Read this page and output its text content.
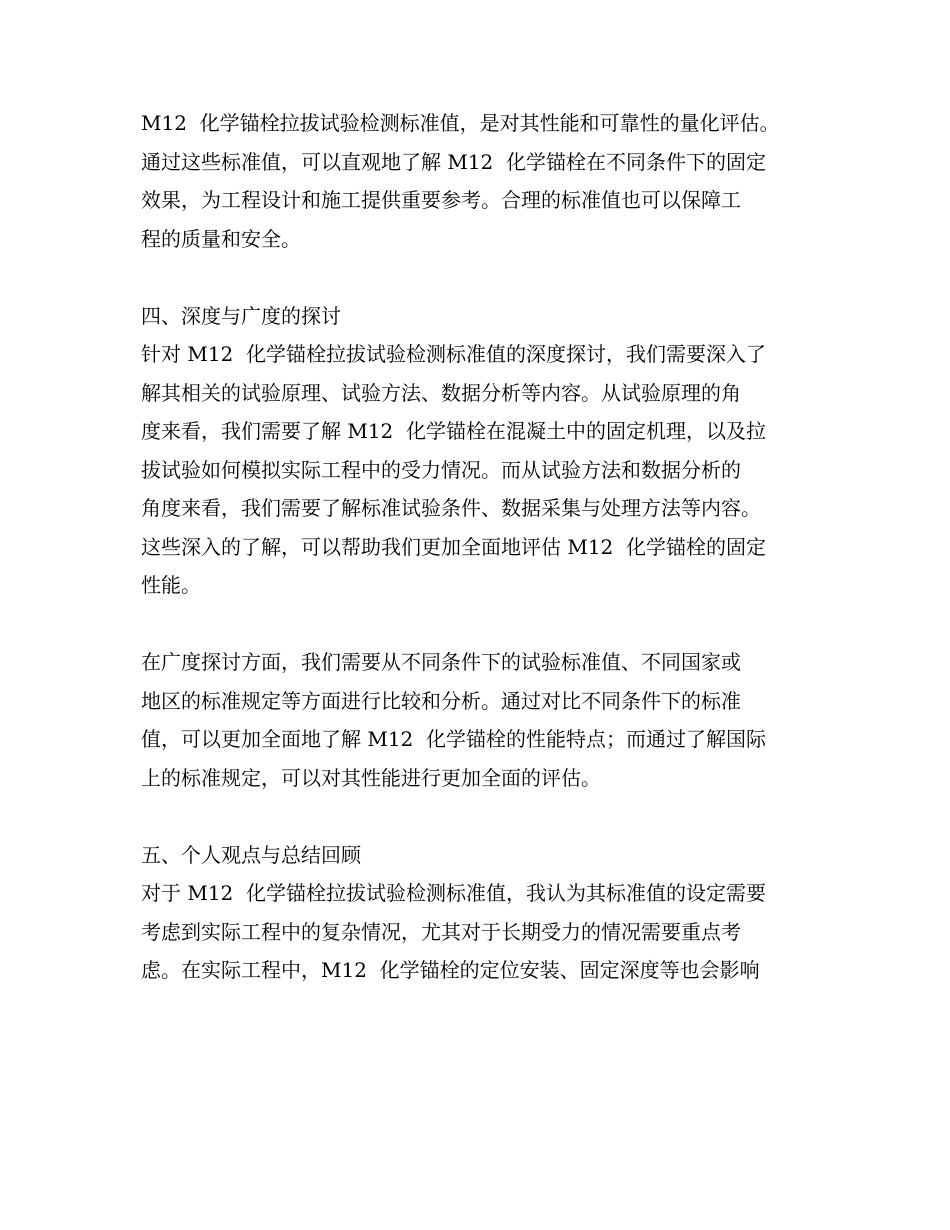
M12  化学锚栓拉拔试验检测标准值，是对其性能和可靠性的量化评估。
通过这些标准值，可以直观地了解 M12  化学锚栓在不同条件下的固定
效果，为工程设计和施工提供重要参考。合理的标准值也可以保障工
程的质量和安全。
四、深度与广度的探讨
针对 M12  化学锚栓拉拔试验检测标准值的深度探讨，我们需要深入了
解其相关的试验原理、试验方法、数据分析等内容。从试验原理的角
度来看，我们需要了解 M12  化学锚栓在混凝土中的固定机理，以及拉
拔试验如何模拟实际工程中的受力情况。而从试验方法和数据分析的
角度来看，我们需要了解标准试验条件、数据采集与处理方法等内容。
这些深入的了解，可以帮助我们更加全面地评估 M12  化学锚栓的固定
性能。
在广度探讨方面，我们需要从不同条件下的试验标准值、不同国家或
地区的标准规定等方面进行比较和分析。通过对比不同条件下的标准
值，可以更加全面地了解 M12  化学锚栓的性能特点；而通过了解国际
上的标准规定，可以对其性能进行更加全面的评估。
五、个人观点与总结回顾
对于 M12  化学锚栓拉拔试验检测标准值，我认为其标准值的设定需要
考虑到实际工程中的复杂情况，尤其对于长期受力的情况需要重点考
虑。在实际工程中，M12  化学锚栓的定位安装、固定深度等也会影响
